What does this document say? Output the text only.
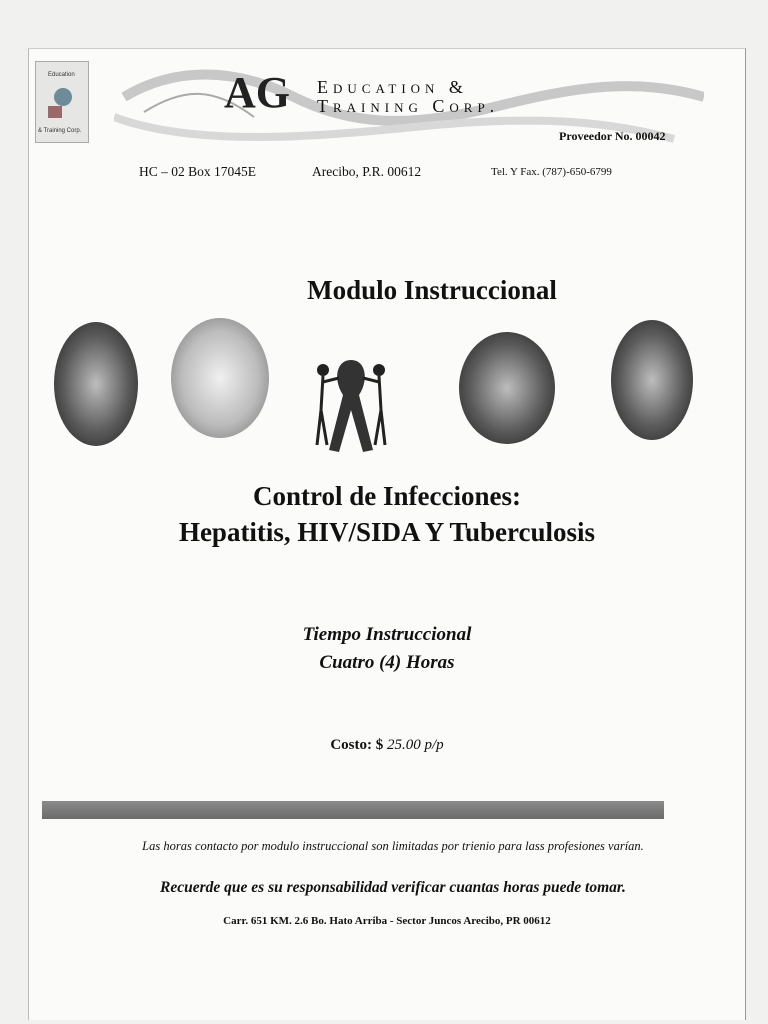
Education
& Training Corp.
AG Education &
Training Corp.
Proveedor No. 00042
HC – 02 Box 17045E	Arecibo, P.R. 00612	Tel. Y Fax. (787)-650-6799
Modulo Instruccional
Control de Infecciones:
Hepatitis, HIV/SIDA Y Tuberculosis
Tiempo Instruccional
Cuatro (4) Horas
Costo: $ 25.00 p/p
Las horas contacto por modulo instruccional son limitadas por trienio para lass profesiones varían.
Recuerde que es su responsabilidad verificar cuantas horas puede tomar.
Carr. 651 KM. 2.6 Bo. Hato Arriba - Sector Juncos Arecibo, PR 00612
